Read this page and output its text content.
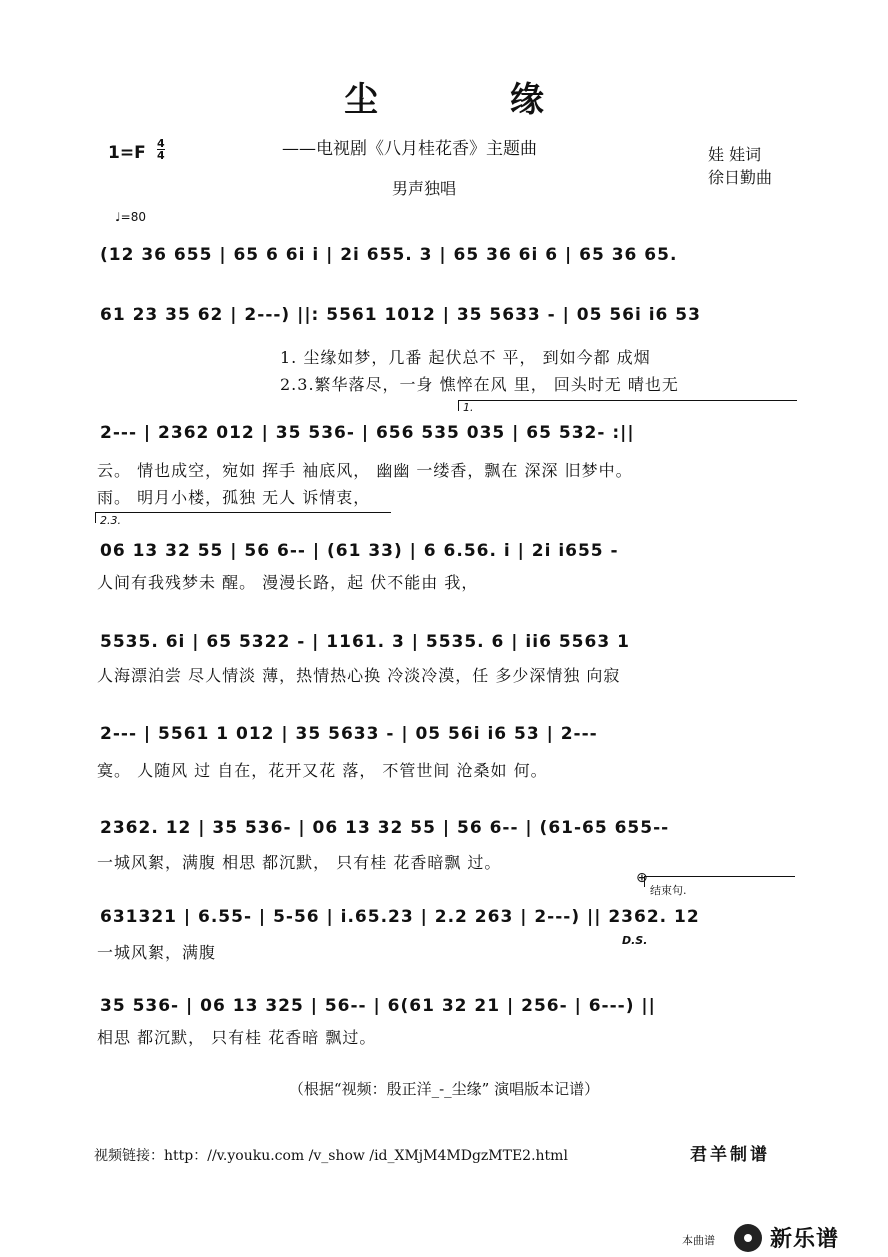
尘 缘
——电视剧《八月桂花香》主题曲
1=F 4
4	娃 娃词
徐日勤曲
男声独唱
♩=80
(12 36 655 | 65 6 6i i | 2i 655. 3 | 65 36 6i 6 | 65 36 65.
61 23 35 62 | 2---) ||: 5561 1012 | 35 5633 - | 05 56i i6 53
1. 尘缘如梦，几番 起伏总不 平， 到如今都 成烟
2.3.繁华落尽，一身 憔悴在风 里， 回头时无 晴也无
1.
2--- | 2362 012 | 35 536- | 656 535 035 | 65 532- :||
云。 情也成空，宛如 挥手 袖底风， 幽幽 一缕香，飘在 深深 旧梦中。
雨。 明月小楼，孤独 无人 诉情衷，
2.3.
06 13 32 55 | 56 6-- | (61 33) | 6 6.56. i | 2i i655 -
人间有我残梦未 醒。 漫漫长路，起 伏不能由 我，
5535. 6i | 65 5322 - | 1161. 3 | 5535. 6 | ii6 5563 1
人海漂泊尝 尽人情淡 薄，热情热心换 冷淡冷漠，任 多少深情独 向寂
2--- | 5561 1 012 | 35 5633 - | 05 56i i6 53 | 2---
寞。 人随风 过 自在，花开又花 落， 不管世间 沧桑如 何。
2362. 12 | 35 536- | 06 13 32 55 | 56 6-- | (61-65 655--
一城风絮，满腹 相思 都沉默， 只有桂 花香暗飘 过。
⊕
结束句.
631321 | 6.55- | 5-56 | i.65.23 | 2.2 263 | 2---) || 2362. 12
D.S.
一城风絮，满腹
35 536- | 06 13 325 | 56-- | 6(61 32 21 | 256- | 6---) ||
相思 都沉默， 只有桂 花香暗 飘过。
（根据“视频：殷正洋_-_尘缘” 演唱版本记谱）
视频链接：http：//v.youku.com /v_show /id_XMjM4MDgzMTE2.html	君羊制谱
本曲谱	新乐谱
